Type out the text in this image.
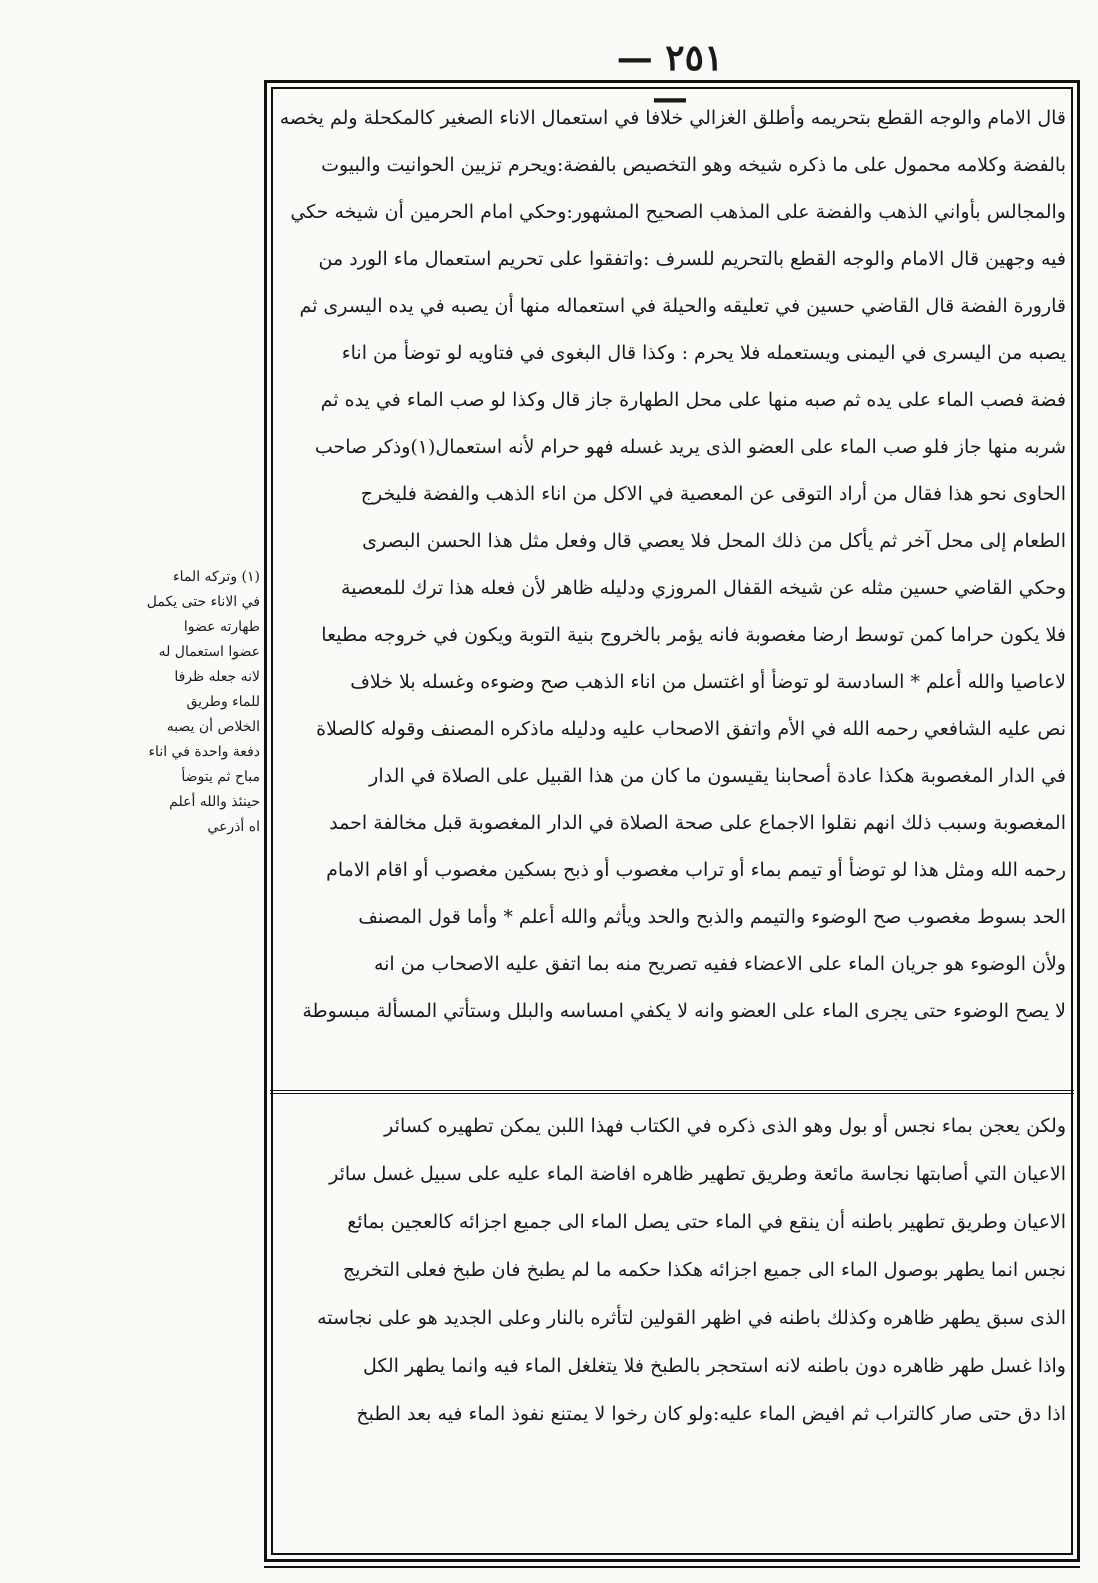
— ٢٥١ —
قال الامام والوجه القطع بتحريمه وأطلق الغزالي خلافا في استعمال الاناء الصغير كالمكحلة ولم يخصه
بالفضة وكلامه محمول على ما ذكره شيخه وهو التخصيص بالفضة:ويحرم تزيين الحوانيت والبيوت
والمجالس بأواني الذهب والفضة على المذهب الصحيح المشهور:وحكي امام الحرمين أن شيخه حكي
فيه وجهين قال الامام والوجه القطع بالتحريم للسرف :واتفقوا على تحريم استعمال ماء الورد من
قارورة الفضة قال القاضي حسين في تعليقه والحيلة في استعماله منها أن يصبه في يده اليسرى ثم
يصبه من اليسرى في اليمنى ويستعمله فلا يحرم : وكذا قال البغوى في فتاويه لو توضأ من اناء
فضة فصب الماء على يده ثم صبه منها على محل الطهارة جاز قال وكذا لو صب الماء في يده ثم
شربه منها جاز فلو صب الماء على العضو الذى يريد غسله فهو حرام لأنه استعمال(١)وذكر صاحب
الحاوى نحو هذا فقال من أراد التوقى عن المعصية في الاكل من اناء الذهب والفضة فليخرج
الطعام إلى محل آخر ثم يأكل من ذلك المحل فلا يعصي قال وفعل مثل هذا الحسن البصرى
وحكي القاضي حسين مثله عن شيخه القفال المروزي ودليله ظاهر لأن فعله هذا ترك للمعصية
فلا يكون حراما كمن توسط ارضا مغصوبة فانه يؤمر بالخروج بنية التوبة ويكون في خروجه مطيعا
لاعاصيا والله أعلم * السادسة لو توضأ أو اغتسل من اناء الذهب صح وضوءه وغسله بلا خلاف
نص عليه الشافعي رحمه الله في الأم واتفق الاصحاب عليه ودليله ماذكره المصنف وقوله كالصلاة
في الدار المغصوبة هكذا عادة أصحابنا يقيسون ما كان من هذا القبيل على الصلاة في الدار
المغصوبة وسبب ذلك انهم نقلوا الاجماع على صحة الصلاة في الدار المغصوبة قبل مخالفة احمد
رحمه الله ومثل هذا لو توضأ أو تيمم بماء أو تراب مغصوب أو ذبح بسكين مغصوب أو اقام الامام
الحد بسوط مغصوب صح الوضوء والتيمم والذبح والحد ويأثم والله أعلم * وأما قول المصنف
ولأن الوضوء هو جريان الماء على الاعضاء ففيه تصريح منه بما اتفق عليه الاصحاب من انه
لا يصح الوضوء حتى يجرى الماء على العضو وانه لا يكفي امساسه والبلل وستأتي المسألة مبسوطة
ولكن يعجن بماء نجس أو بول وهو الذى ذكره في الكتاب فهذا اللبن يمكن تطهيره كسائر
الاعيان التي أصابتها نجاسة مائعة وطريق تطهير ظاهره افاضة الماء عليه على سبيل غسل سائر
الاعيان وطريق تطهير باطنه أن ينقع في الماء حتى يصل الماء الى جميع اجزائه كالعجين بمائع
نجس انما يطهر بوصول الماء الى جميع اجزائه هكذا حكمه ما لم يطبخ فان طبخ فعلى التخريج
الذى سبق يطهر ظاهره وكذلك باطنه في اظهر القولين لتأثره بالنار وعلى الجديد هو على نجاسته
واذا غسل طهر ظاهره دون باطنه لانه استحجر بالطبخ فلا يتغلغل الماء فيه وانما يطهر الكل
اذا دق حتى صار كالتراب ثم افيض الماء عليه:ولو كان رخوا لا يمتنع نفوذ الماء فيه بعد الطبخ
(١) وتركه الماء
في الاناء حتى يكمل
طهارته عضوا
عضوا استعمال له
لانه جعله ظرفا
للماء وطريق
الخلاص أن يصبه
دفعة واحدة في اناء
مباح ثم يتوضأ
حينئذ والله أعلم
اه أذرعي
